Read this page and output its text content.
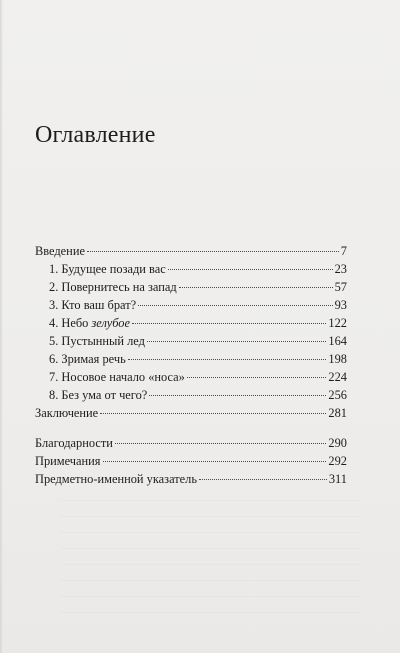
Оглавление
Введение	7
1. Будущее позади вас	23
2. Повернитесь на запад	57
3. Кто ваш брат?	93
4. Небо зелубое	122
5. Пустынный лед	164
6. Зримая речь	198
7. Носовое начало «носа»	224
8. Без ума от чего?	256
Заключение	281
Благодарности	290
Примечания	292
Предметно-именной указатель	311
